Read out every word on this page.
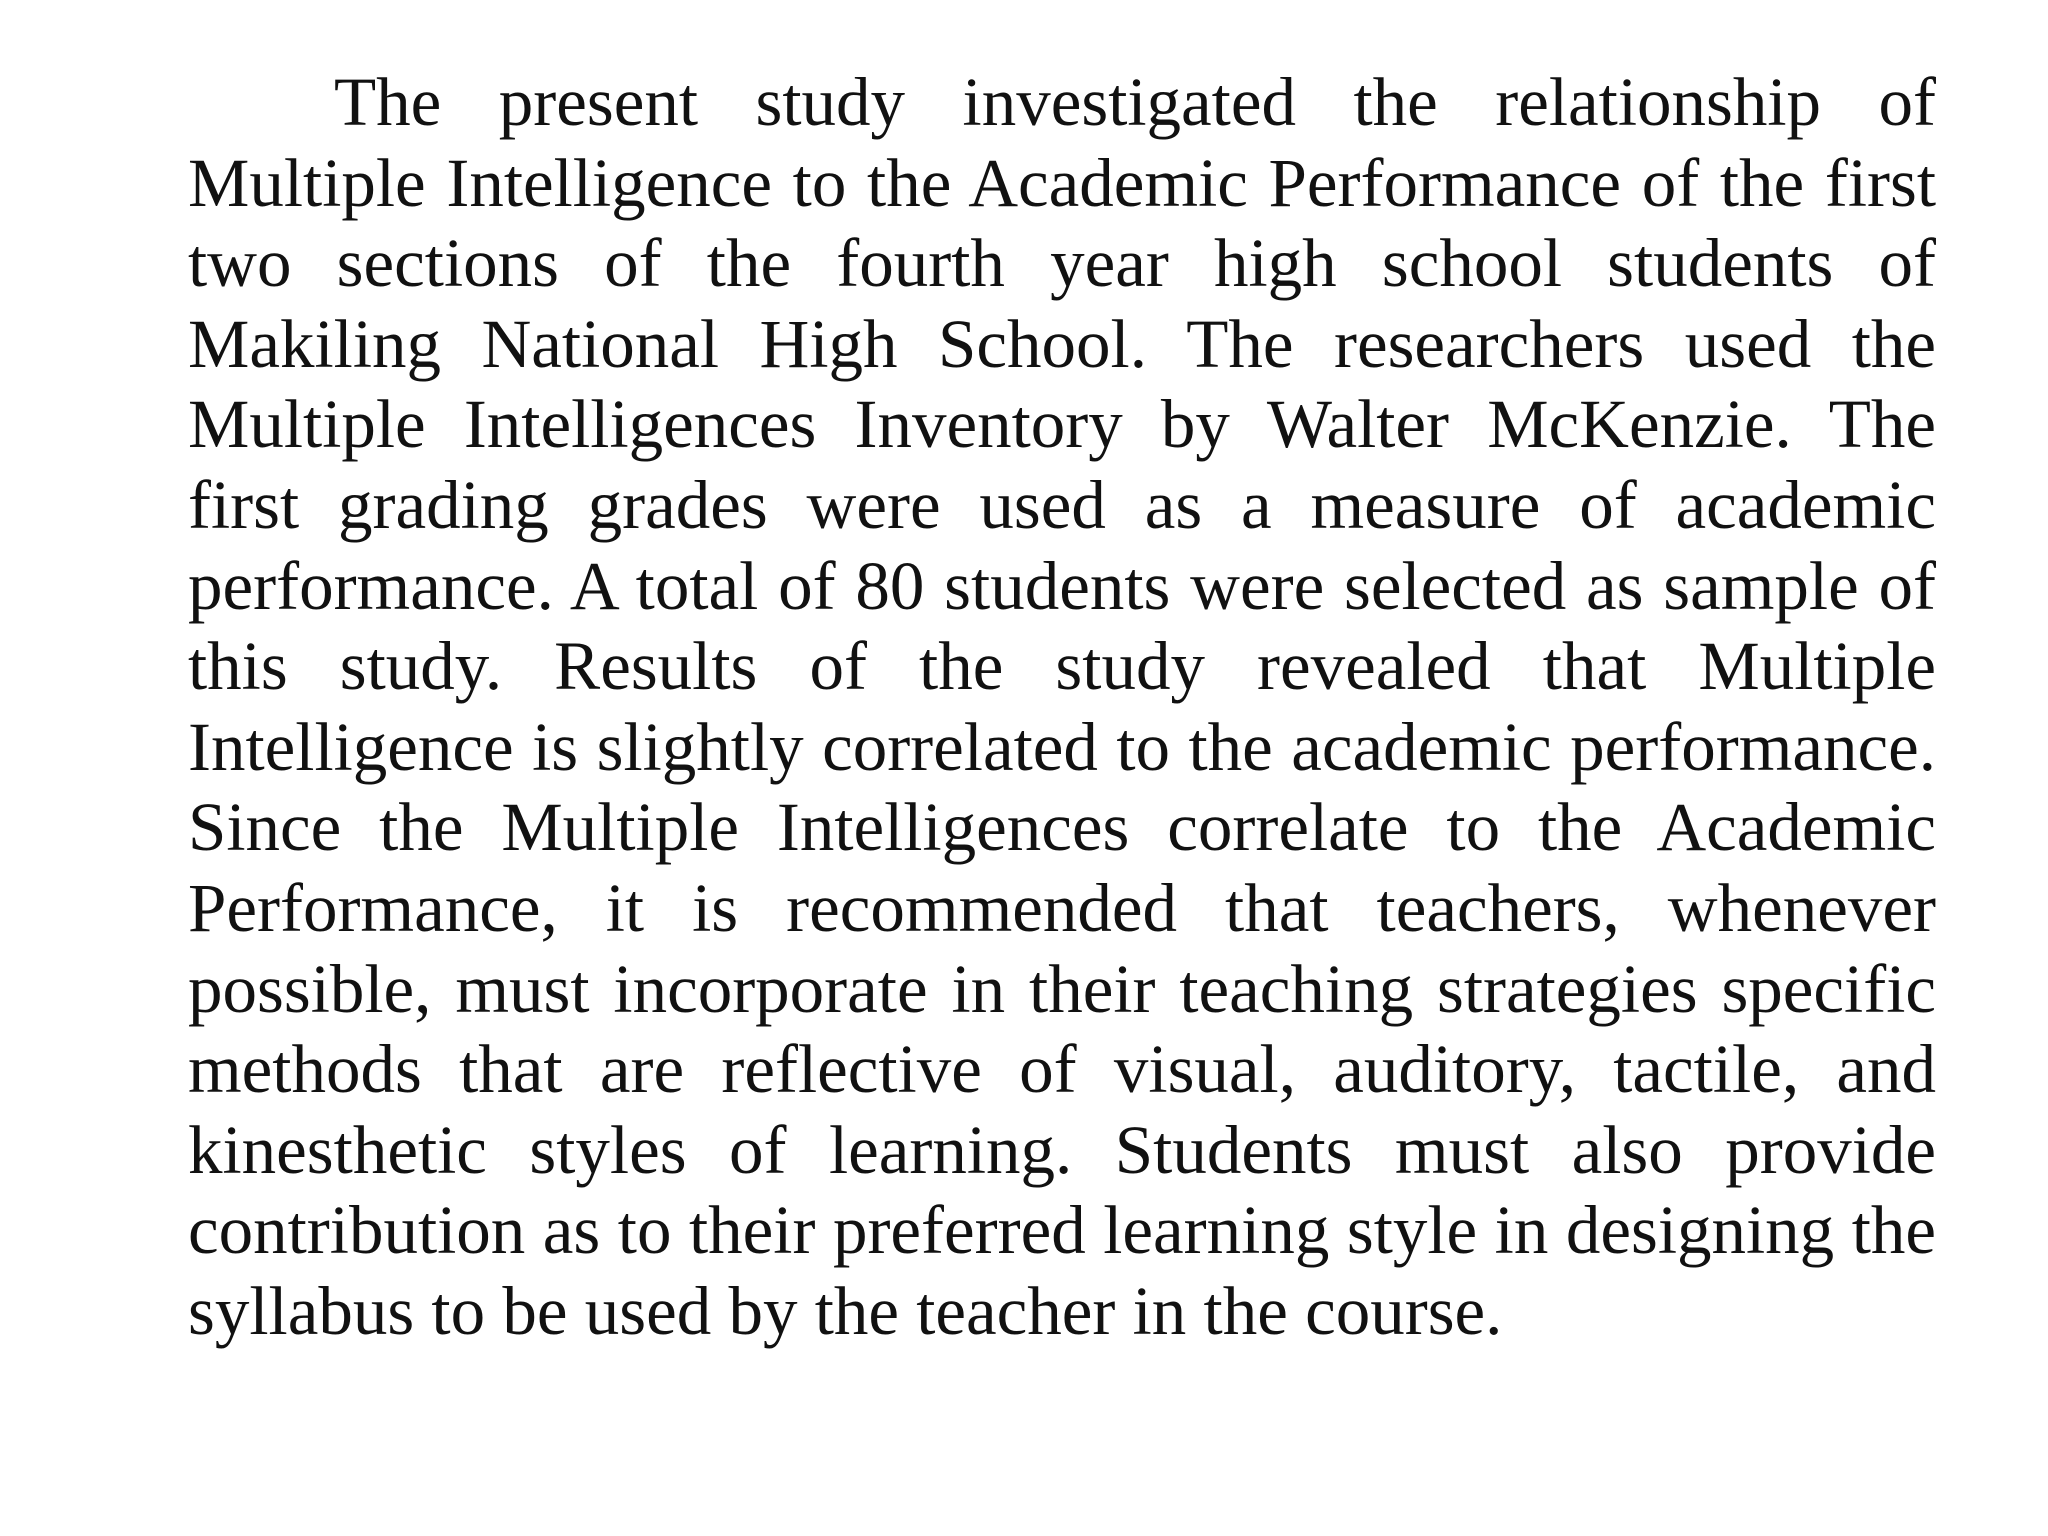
The present study investigated the relationship of Multiple Intelligence to the Academic Performance of the first two sections of the fourth year high school students of Makiling National High School. The researchers used the Multiple Intelligences Inventory by Walter McKenzie. The first grading grades were used as a measure of academic performance. A total of 80 students were selected as sample of this study. Results of the study revealed that Multiple Intelligence is slightly correlated to the academic performance. Since the Multiple Intelligences correlate to the Academic Performance, it is recommended that teachers, whenever possible, must incorporate in their teaching strategies specific methods that are reflective of visual, auditory, tactile, and kinesthetic styles of learning. Students must also provide contribution as to their preferred learning style in designing the syllabus to be used by the teacher in the course.
